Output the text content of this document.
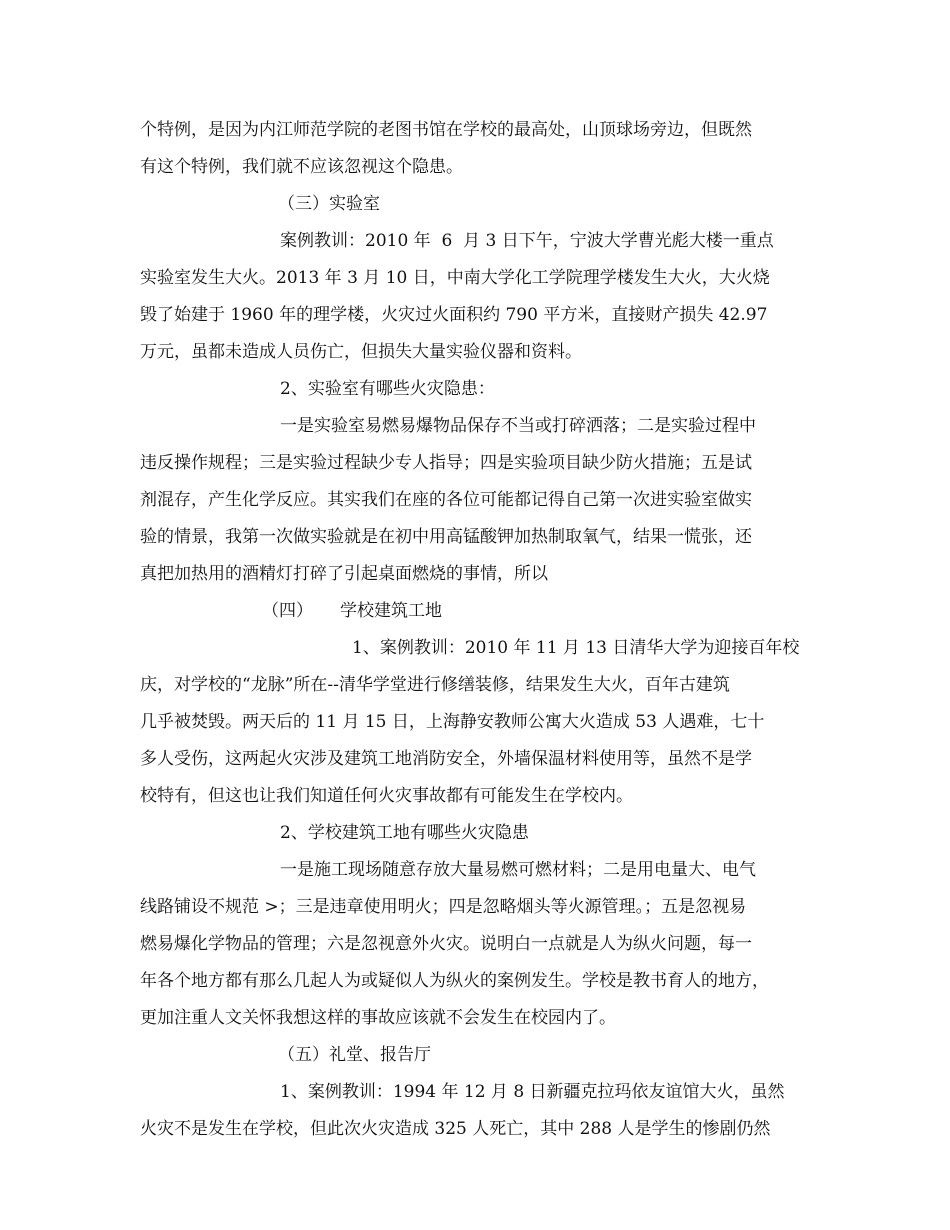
个特例，是因为内江师范学院的老图书馆在学校的最高处，山顶球场旁边，但既然
有这个特例，我们就不应该忽视这个隐患。
（三）实验室
案例教训：2010 年  6  月 3 日下午，宁波大学曹光彪大楼一重点
实验室发生大火。2013 年 3 月 10 日，中南大学化工学院理学楼发生大火，大火烧
毁了始建于 1960 年的理学楼，火灾过火面积约 790 平方米，直接财产损失 42.97
万元，虽都未造成人员伤亡，但损失大量实验仪器和资料。
2、实验室有哪些火灾隐患：
一是实验室易燃易爆物品保存不当或打碎洒落；二是实验过程中
违反操作规程；三是实验过程缺少专人指导；四是实验项目缺少防火措施；五是试
剂混存，产生化学反应。其实我们在座的各位可能都记得自己第一次进实验室做实
验的情景，我第一次做实验就是在初中用高锰酸钾加热制取氧气，结果一慌张，还
真把加热用的酒精灯打碎了引起桌面燃烧的事情，所以
（四）     学校建筑工地
1、案例教训：2010 年 11 月 13 日清华大学为迎接百年校
庆，对学校的“龙脉”所在--清华学堂进行修缮装修，结果发生大火，百年古建筑
几乎被焚毁。两天后的 11 月 15 日，上海静安教师公寓大火造成 53 人遇难，七十
多人受伤，这两起火灾涉及建筑工地消防安全，外墙保温材料使用等，虽然不是学
校特有，但这也让我们知道任何火灾事故都有可能发生在学校内。
2、学校建筑工地有哪些火灾隐患
一是施工现场随意存放大量易燃可燃材料；二是用电量大、电气
线路铺设不规范 >；三是违章使用明火；四是忽略烟头等火源管理。；五是忽视易
燃易爆化学物品的管理；六是忽视意外火灾。说明白一点就是人为纵火问题，每一
年各个地方都有那么几起人为或疑似人为纵火的案例发生。学校是教书育人的地方，
更加注重人文关怀我想这样的事故应该就不会发生在校园内了。
（五）礼堂、报告厅
1、案例教训：1994 年 12 月 8 日新疆克拉玛依友谊馆大火，虽然
火灾不是发生在学校，但此次火灾造成 325 人死亡，其中 288 人是学生的惨剧仍然
